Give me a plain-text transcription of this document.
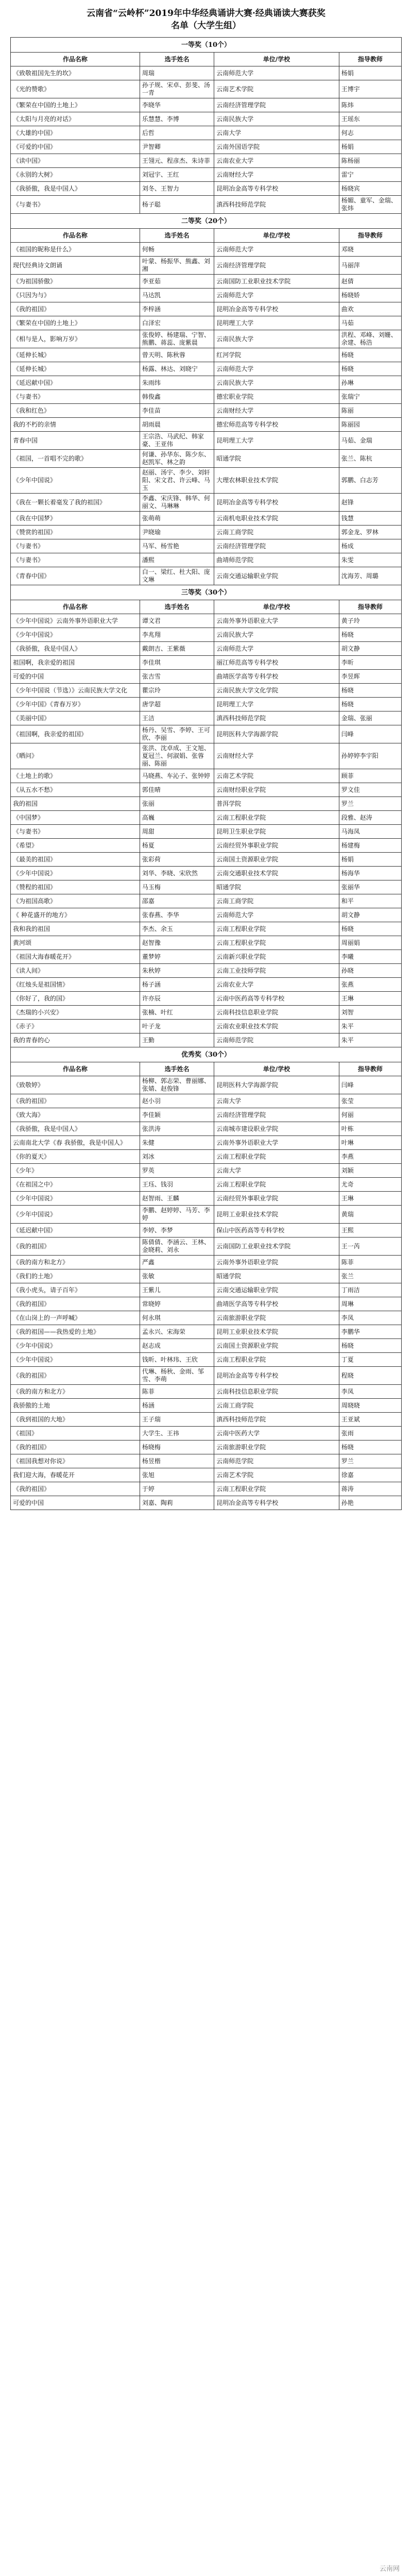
云南省“云岭杯”2019年中华经典诵讲大赛·经典诵读大赛获奖
名单（大学生组）
一等奖（10个）			
作品名称	选手姓名	单位/学校	指导教师
《致敬祖国先生的坎》	周瑞	云南师范大学	杨娟
《光的赞歌》	孙子规、宋卓、彭斐、汤一青	云南艺术学院	王博宇
《繁荣在中国的土地上》	李晓华	云南经济管理学院	陈炜
《太阳与月亮的对话》	乐慧慧、李博	云南民族大学	王瑶东
《大雄的中国》	后哲	云南大学	何志
《可爱的中国》	尹智卿	云南外国语学院	杨娟
《读中国》	王翎元、程彦杰、朱诗菲	云南农业大学	陈杨丽
《永别的大树》	刘冠宇、王红	云南财经大学	雷宁
《我骄傲，我是中国人》	刘冬、王智力	昆明冶金高等专科学校	杨晓宾
《与妻书》	杨子聪	滇西科技师范学院	杨媚、童军、金瑞、张炜
二等奖（20个）			
作品名称	选手姓名	单位/学校	指导教师
《祖国的昵称是什么》	何畅	云南师范大学	邓晓
现代经典诗文朗诵	叶蒙、杨振华、熊鑫、刘湘	云南经济管理学院	马丽萍
《为祖国骄傲》	李亚茹	云南国防工业职业技术学院	赵倩
《只因为与》	马达凯	云南师范大学	杨晓娇
《我的祖国》	李梓涵	昆明冶金高等专科学校	曲欢
《繁荣在中国的土地上》	白泽宏	昆明理工大学	马茹
《相与是人，影响万岁》	张俊婷、杨建瑞、宁智、熊鹏、蒋蕊、庞紫晨	云南民族大学	洪程、邓峰、刘姗、余建、杨浩
《延伸长城》	曾天明、陈秋蓉	红河学院	杨晓
《延伸长城》	杨露、林达、刘晓宁	云南师范大学	杨晓
《延迟献中国》	朱雨纬	云南民族大学	孙琳
《与妻书》	韩俊鑫	德宏职业学院	张瑞宁
《我和红色》	李佳苗	云南财经大学	陈丽
我的不朽的亲情	胡雨晨	德宏师范高等专科学校	陈丽园
青春中国	王宗浩、马武纪、韩家豪、王亚伟	昆明理工大学	马茹、金瑞
《祖国，一首唱不完的歌》	何谦、孙华东、陈少东、赵凯军、林之韵	昭通学院	张兰、陈杭
《少年中国说》	赵丽、汤宇、李少、刘轩阳、宋文君、许云峰、马玉	大理农林职业技术学院	郭鹏、白志芳
《我在一颗长着毫发了我的祖国》	李鑫、宋庆锋、韩华、何丽文、马琳琳	昆明冶金高等专科学校	赵锋
《我在中国梦》	张萌萌	云南机电职业技术学院	钱慧
《赞赏的祖国》	尹晓瑜	云南工商学院	郭金龙、罗林
《与妻书》	马军、杨雪艳	云南经济管理学院	杨成
《与妻书》	潘熙	曲靖师范学院	朱雯
《青春中国》	白一、梁红、杜大阳、庞文琳	云南交通运输职业学院	沈海芳、周璐
三等奖（30个）			
作品名称	选手姓名	单位/学校	指导教师
《少年中国说》云南外事外语职业大学	谭文君	云南外事外语职业大学	黄子玲
《少年中国说》	李兆翔	云南民族大学	杨晓
《我骄傲，我是中国人》	戴朗吉、王紫薇	云南师范大学	胡文静
祖国啊，我亲爱的祖国	李佳琪	丽江师范高等专科学校	李昕
可爱的中国	张吉雪	曲靖医学高等专科学校	李昱晖
《少年中国说（节选）》云南民族大学文化	瞿宗玲	云南民族大学文化学院	杨晓
《少年中国》《青春万岁》	唐学超	昆明理工大学	杨晓
《美丽中国》	王洁	滇西科技师范学院	金瑞、张丽
《祖国啊，我亲爱的祖国》	杨丹、吴雪、李婷、王可欣、李丽	昆明医科大学海源学院	闫峰
《晒问》	张洪、沈卓成、王文旭、夏冠兰、何淑娟、张蓉丽、陈丽	云南财经大学	孙婷婷李宇阳
《土地上的歌》	马晓燕、车沁子、张钟婷	云南艺术学院	顾菲
《从五水不愁》	郭佳晴	云南财经职业学院	罗文佳
我的祖国	张丽	普洱学院	罗兰
《中国梦》	高巍	云南工程职业学院	段雅、赵涛
《与妻书》	周甜	昆明卫生职业学院	马海凤
《希望》	杨夏	云南经贸外事职业学院	杨建梅
《最美的祖国》	张彩荷	云南国土资源职业学院	杨娟
《少年中国说》	刘华、李晓、宋欣然	云南交通职业技术学院	杨海华
《赞程的祖国》	马玉梅	昭通学院	张丽华
《为祖国高歌》	邵嘉	云南工商学院	和平
《 种花盛开的地方》	张春燕、李华	云南师范大学	胡文静
我和我的祖国	李杰、余玉	云南工程职业学院	杨晓
黄河颂	赵智豫	云南工程职业学院	周丽娟
《祖国大海春暖花开》	董梦婷	云南新兴职业学院	李曦
《读人间》	朱秋婷	云南工业技师学院	孙晓
《红烛头是祖国情》	杨子涵	云南农业大学	张燕
《你好了，我的国》	许亦辰	云南中医药高等专科学校	王琳
《杰瑞的小兴安》	张楠、叶红	云南科技信息职业学院	刘智
《赤子》	叶子龙	云南农业职业技术学院	朱平
我的青春的心	王勤	云南师范学院	朱平
优秀奖（30个）			
作品名称	选手姓名	单位/学校	指导教师
《致敬婷》	杨柳、郭志荣、曹丽娜、张婧、赵俊锋	昆明医科大学海源学院	闫峰
《我的祖国》	赵小羽	云南大学	张莹
《致大海》	李佳颖	云南经济管理学院	何丽
《我骄傲，我是中国人》	张洪涛	云南城市建设职业学院	叶栋
云南南北大学《春 我骄傲，我是中国人》	朱健	云南外事外语职业大学	叶琳
《你的夏天》	刘冰	云南工程职业学院	李燕
《少年》	罗英	云南大学	刘颖
《在祖国之中》	王珏、钱羽	云南工程职业学院	尤奇
《少年中国说》	赵智雨、王麟	云南经贸外事职业学院	王琳
《少年中国说》	李鹏、赵婷婷、马芳、李婷	昆明工业职业技术学院	黄瑞
《延迟献中国》	李婷、李梦	保山中医药高等专科学校	王熙
《我的祖国》	陈倩倩、李涵云、王林、金晓莉、刘永	云南国防工业职业技术学院	王一芮
《我的南方和北方》	严鑫	云南外事外语职业学院	陈菲
《我们的土地》	张敏	昭通学院	张兰
《我小虎头，请子百年》	王紫儿	云南交通运输职业学院	丁雨洁
《我的祖国》	常晓婷	曲靖医学高等专科学校	周琳
《在山岗上的一声呼喊》	何永琪	云南旅游职业学院	李凤
《我的祖国——我热爱的土地》	孟永兴、宋海荣	昆明工业职业技术学院	李鹏华
《少年中国说》	赵志成	云南国土资源职业学院	杨晓
《少年中国说》	钱昕、叶林玮、王欣	云南工程职业学院	丁夏
《我的祖国》	代琳、杨秋、金雨、邹雪、李萌	昆明冶金高等专科学校	程晓
《我的南方和北方》	陈菲	云南科技信息职业学院	李凤
我骄傲的土地	杨涵	云南工商学院	周晓晓
《我到祖国的大地》	王子瑞	滇西科技师范学院	王亚斌
《祖国》	大学生、王祎	云南中医药大学	张雨
《我的祖国》	杨晓梅	云南旅游职业学院	杨晓
《祖国我想对你说》	杨昱楷	云南师范学院	罗兰
我们迎大海，春暖花开	张旭	云南艺术学院	徐嘉
《我的祖国》	于婷	云南工程职业学院	蒋涛
可爱的中国	刘嘉、陶莉	昆明冶金高等专科学校	孙艳
云南网
